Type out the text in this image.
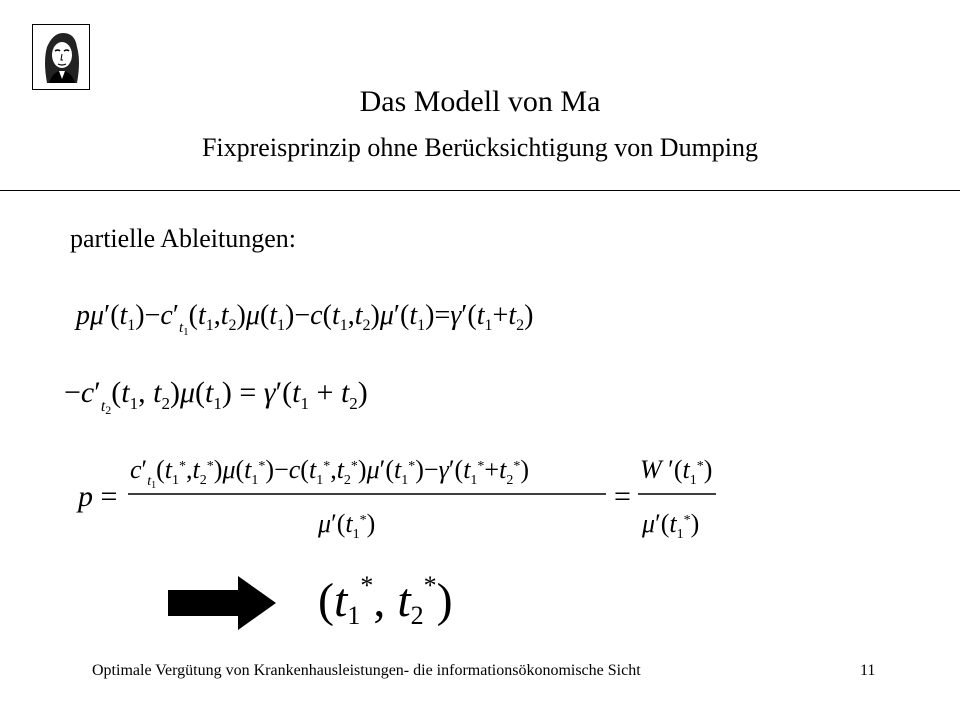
Das Modell von Ma
Fixpreisprinzip ohne Berücksichtigung von Dumping
partielle Ableitungen:
$p\mu'(t_1)-c'_t1(t_1,t_2)\mu(t_1)-c(t_1,t_2)\mu'(t_1)=\gamma'(t_1+t_2)$
$-c'_t2(t_1$, $t_2)\mu(t_1) = \gamma'(t_1 + t_2)$
p =
$c'_t1(t_1^*,t_2^*)\mu(t_1^*)-c(t_1^*,t_2^*)\mu'(t_1^*)-\gamma'(t_1^*+t_2^*)$
$\mu'(t_1^*)$
=
W $'(t_1^*)$
$\mu'(t_1^*)$
(t1*, t2*)
Optimale Vergütung von Krankenhausleistungen- die informationsökonomische Sicht	11
